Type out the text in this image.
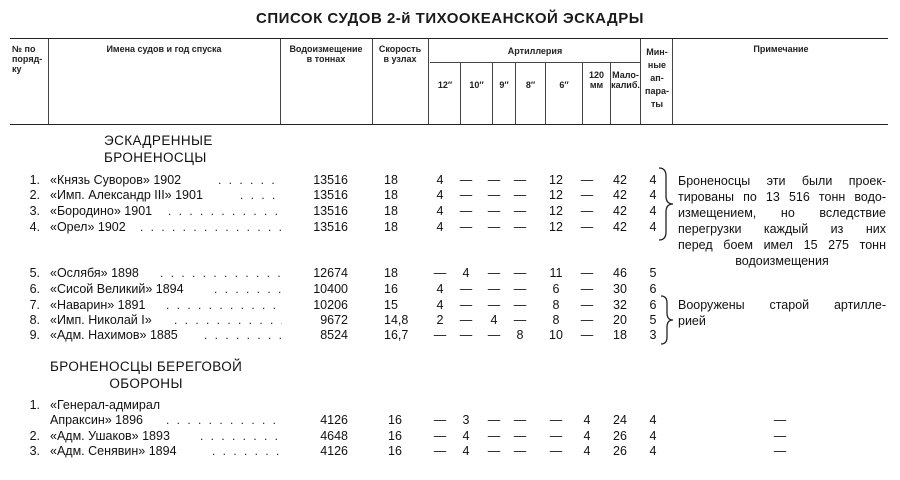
СПИСОК СУДОВ 2-й ТИХООКЕАНСКОЙ ЭСКАДРЫ
№ по
поряд-
ку
Имена судов и год спуска	Водоизмещение
в тоннах
Скорость
в узлах
Артиллерия
12″	10″	9″	8″	6″
120
мм
Мало-
калиб.
Мин-
ные
ап-
пара-
ты
Примечание
ЭСКАДРЕННЫЕ
БРОНЕНОСЦЫ
1. «Князь Суворов» 1902 . . .	13516	18	4	—	—	—	12	—	42	4
2. «Имп. Александр III» 1901 . . .	13516	18	4	—	—	—	12	—	42	4
3. «Бородино» 1901 . . .	13516	18	4	—	—	—	12	—	42	4
4. «Орел» 1902 . . .	13516	18	4	—	—	—	12	—	42	4
5. «Ослябя» 1898 . . .	12674	18	—	4	—	—	11	—	46	5
6. «Сисой Великий» 1894 . . .	10400	16	4	—	—	—	6	—	30	6
7. «Наварин» 1891 . . .	10206	15	4	—	—	—	8	—	32	6
8. «Имп. Николай I» . . .	9672	14,8	2	—	4	—	8	—	20	5
9. «Адм. Нахимов» 1885 . . .	8524	16,7	—	—	—	8	10	—	18	3
Броненосцы эти были проек-
тированы по 13 516 тонн водо-
измещением, но вследствие
перегрузки каждый из них
перед боем имел 15 275 тонн
водоизмещения
Вооружены старой артилле-
рией
БРОНЕНОСЦЫ БЕРЕГОВОЙ
ОБОРОНЫ
1. «Генерал-адмирал
Апраксин» 1896 . . .	4126	16	—	3	—	—	—	4	24	4	—
2. «Адм. Ушаков» 1893 . . .	4648	16	—	4	—	—	—	4	26	4	—
3. «Адм. Сенявин» 1894 . . .	4126	16	—	4	—	—	—	4	26	4	—
